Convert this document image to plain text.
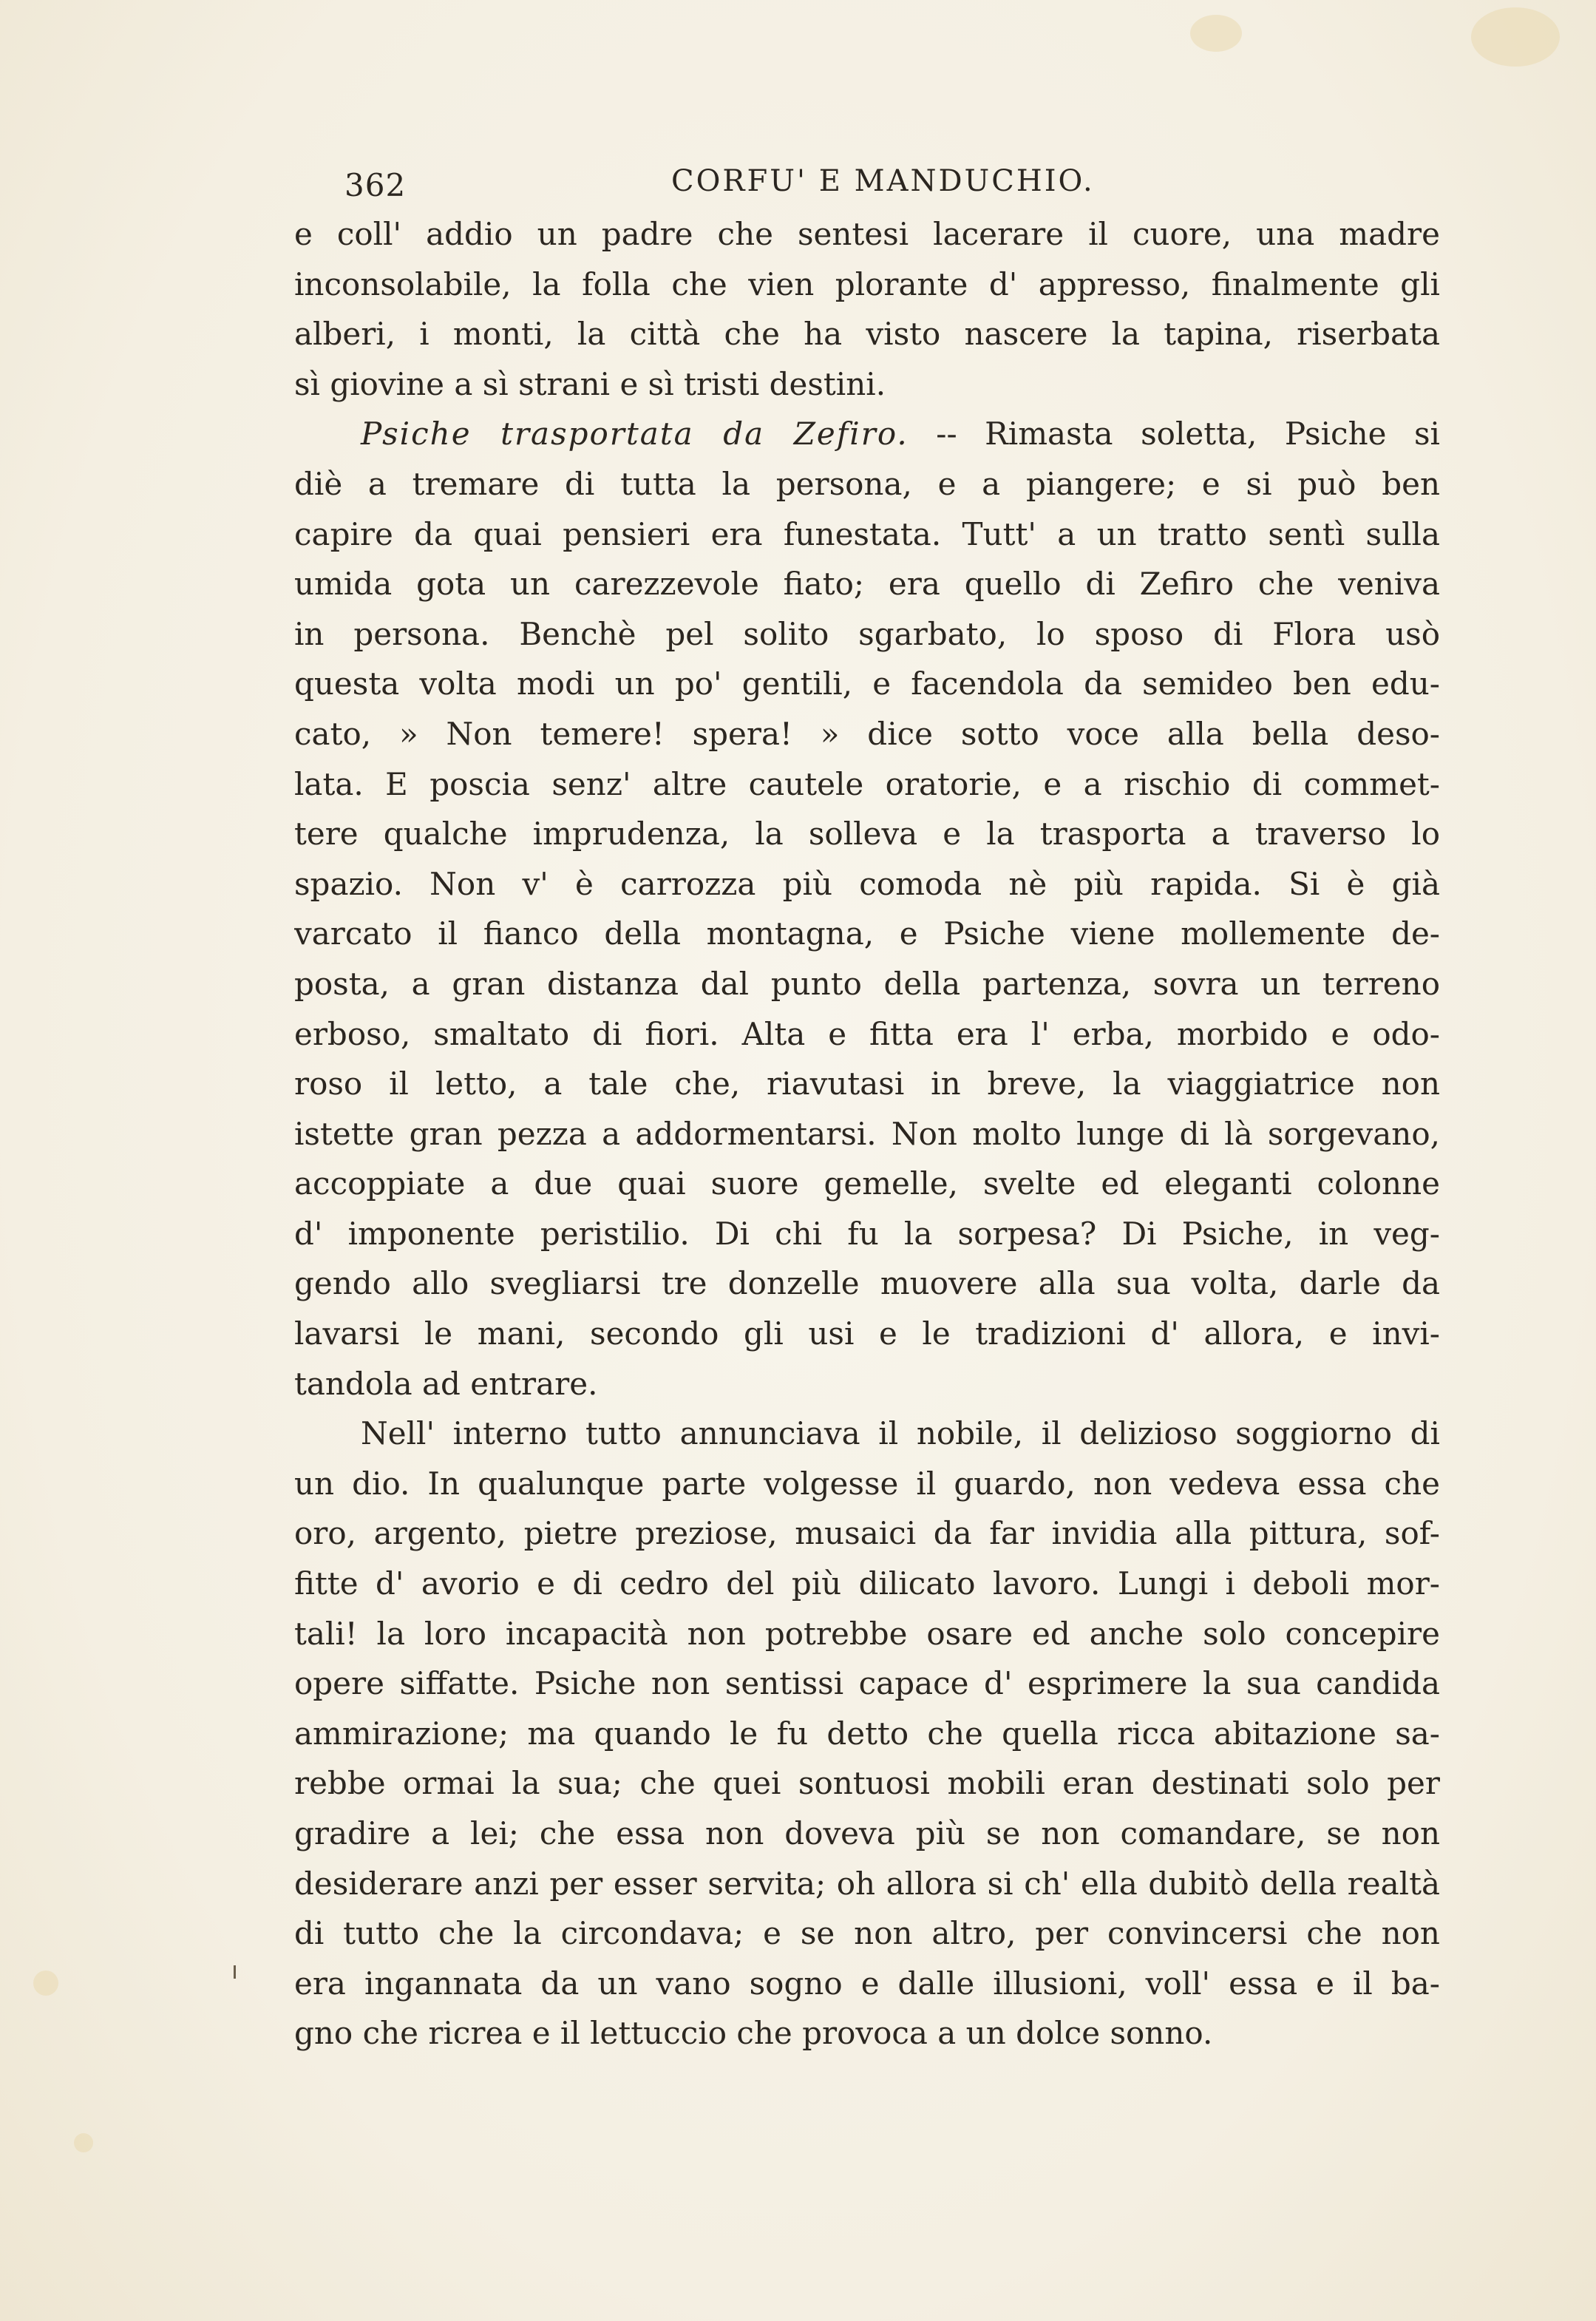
362	CORFU' E MANDUCHIO.
e coll' addio un padre che sentesi lacerare il cuore, una madre
inconsolabile, la folla che vien plorante d' appresso, finalmente gli
alberi, i monti, la città che ha visto nascere la tapina, riserbata
sì giovine a sì strani e sì tristi destini.
Psiche trasportata da Zefiro. -- Rimasta soletta, Psiche si
diè a tremare di tutta la persona, e a piangere; e si può ben
capire da quai pensieri era funestata. Tutt' a un tratto sentì sulla
umida gota un carezzevole fiato; era quello di Zefiro che veniva
in persona. Benchè pel solito sgarbato, lo sposo di Flora usò
questa volta modi un po' gentili, e facendola da semideo ben edu-
cato, » Non temere! spera! » dice sotto voce alla bella deso-
lata. E poscia senz' altre cautele oratorie, e a rischio di commet-
tere qualche imprudenza, la solleva e la trasporta a traverso lo
spazio. Non v' è carrozza più comoda nè più rapida. Si è già
varcato il fianco della montagna, e Psiche viene mollemente de-
posta, a gran distanza dal punto della partenza, sovra un terreno
erboso, smaltato di fiori. Alta e fitta era l' erba, morbido e odo-
roso il letto, a tale che, riavutasi in breve, la viaggiatrice non
istette gran pezza a addormentarsi. Non molto lunge di là sorgevano,
accoppiate a due quai suore gemelle, svelte ed eleganti colonne
d' imponente peristilio. Di chi fu la sorpesa? Di Psiche, in veg-
gendo allo svegliarsi tre donzelle muovere alla sua volta, darle da
lavarsi le mani, secondo gli usi e le tradizioni d' allora, e invi-
tandola ad entrare.
Nell' interno tutto annunciava il nobile, il delizioso soggiorno di
un dio. In qualunque parte volgesse il guardo, non vedeva essa che
oro, argento, pietre preziose, musaici da far invidia alla pittura, sof-
fitte d' avorio e di cedro del più dilicato lavoro. Lungi i deboli mor-
tali! la loro incapacità non potrebbe osare ed anche solo concepire
opere siffatte. Psiche non sentissi capace d' esprimere la sua candida
ammirazione; ma quando le fu detto che quella ricca abitazione sa-
rebbe ormai la sua; che quei sontuosi mobili eran destinati solo per
gradire a lei; che essa non doveva più se non comandare, se non
desiderare anzi per esser servita; oh allora si ch' ella dubitò della realtà
di tutto che la circondava; e se non altro, per convincersi che non
era ingannata da un vano sogno e dalle illusioni, voll' essa e il ba-
gno che ricrea e il lettuccio che provoca a un dolce sonno.
